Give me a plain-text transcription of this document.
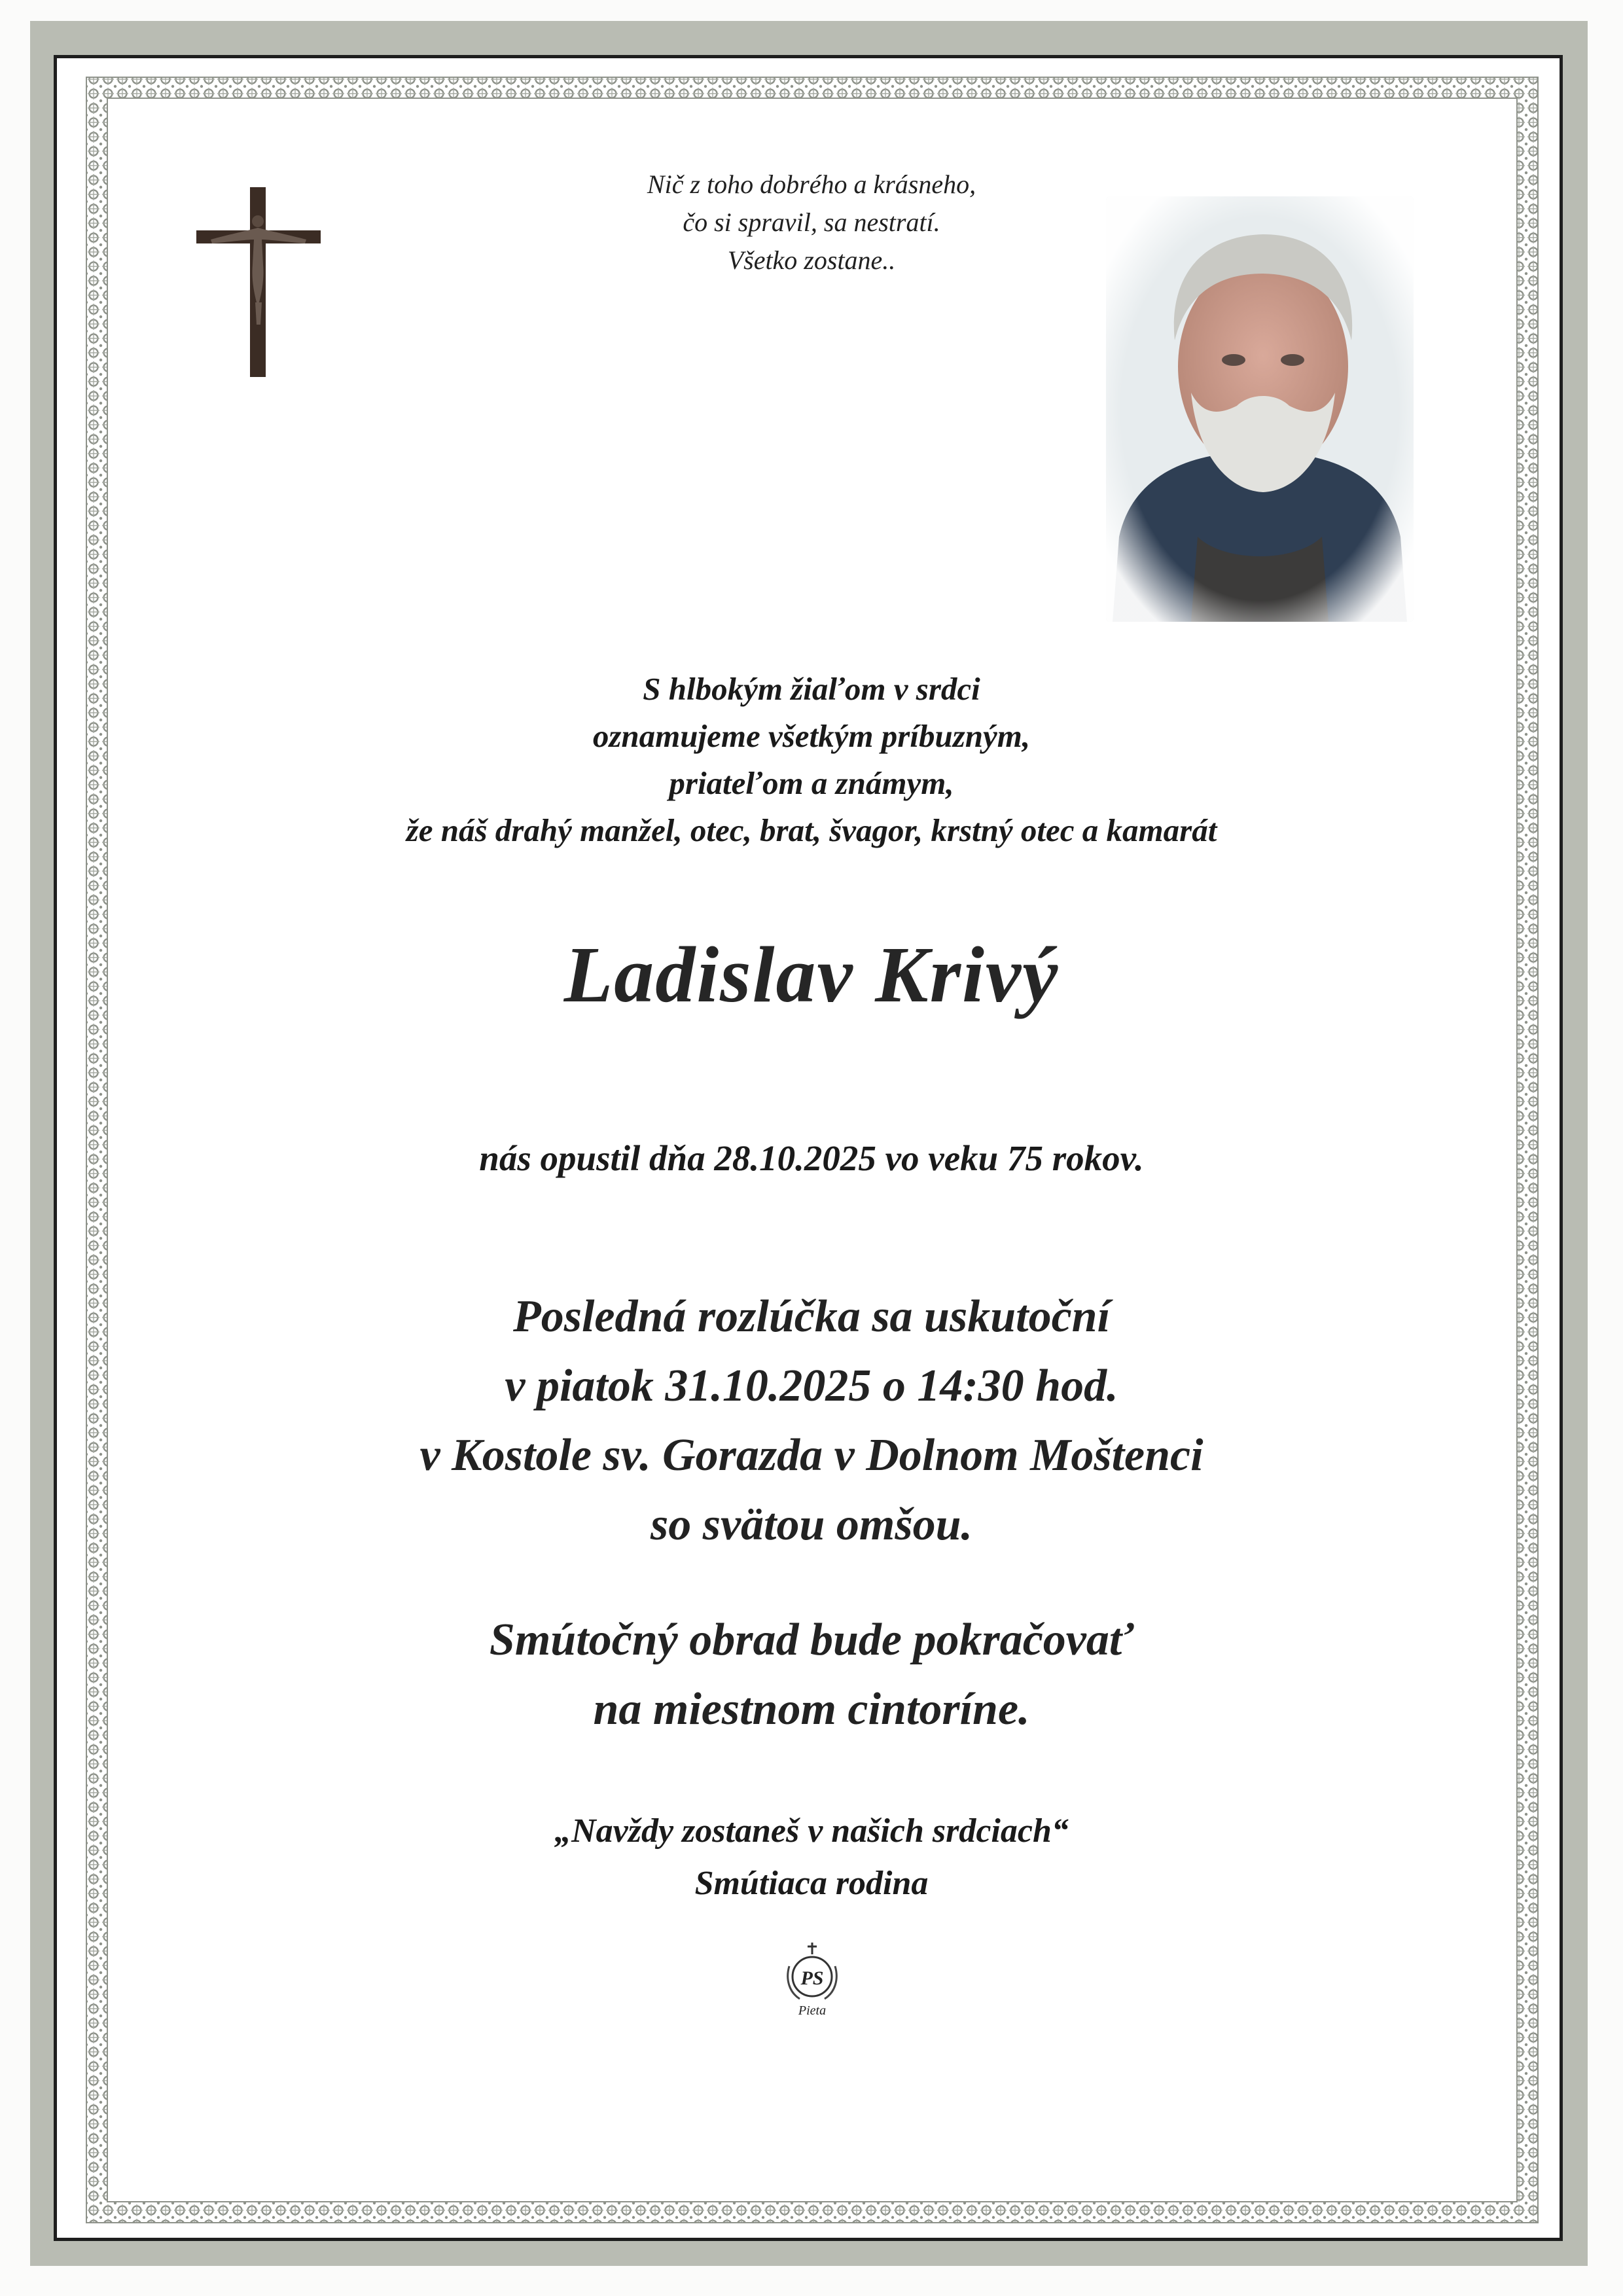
Nič z toho dobrého a krásneho,
čo si spravil, sa nestratí.
Všetko zostane..
S hlbokým žiaľom v srdci
oznamujeme všetkým príbuzným,
priateľom a známym,
že náš drahý manžel, otec, brat, švagor, krstný otec a kamarát
Ladislav Krivý
nás opustil dňa 28.10.2025 vo veku 75 rokov.
Posledná rozlúčka sa uskutoční
v piatok 31.10.2025 o 14:30 hod.
v Kostole sv. Gorazda v Dolnom Moštenci
so svätou omšou.
Smútočný obrad bude pokračovať
na miestnom cintoríne.
„Navždy zostaneš v našich srdciach“
Smútiaca rodina
PS
Pieta
